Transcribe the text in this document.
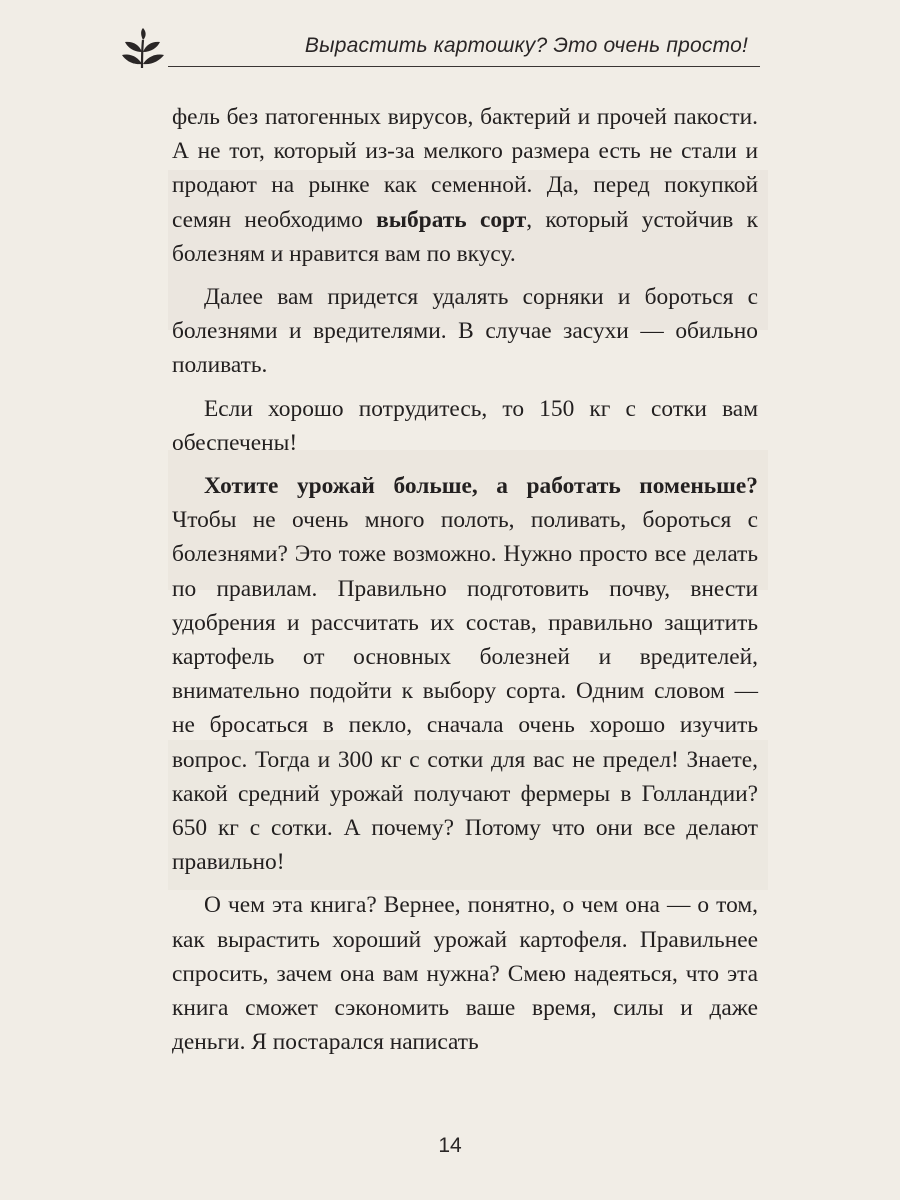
Вырастить картошку? Это очень просто!

фель без патогенных вирусов, бактерий и прочей пакости. А не тот, который из-за мелкого размера есть не стали и продают на рынке как семенной. Да, перед покупкой семян необходимо выбрать сорт, который устойчив к болезням и нравится вам по вкусу.

Далее вам придется удалять сорняки и бороться с болезнями и вредителями. В случае засухи — обильно поливать.

Если хорошо потрудитесь, то 150 кг с сотки вам обеспечены!

Хотите урожай больше, а работать поменьше? Чтобы не очень много полоть, поливать, бороться с болезнями? Это тоже возможно. Нужно просто все делать по правилам. Правильно подготовить почву, внести удобрения и рассчитать их состав, правильно защитить картофель от основных болезней и вредителей, внимательно подойти к выбору сорта. Одним словом — не бросаться в пекло, сначала очень хорошо изучить вопрос. Тогда и 300 кг с сотки для вас не предел! Знаете, какой средний урожай получают фермеры в Голландии? 650 кг с сотки. А почему? Потому что они все делают правильно!

О чем эта книга? Вернее, понятно, о чем она — о том, как вырастить хороший урожай картофеля. Правильнее спросить, зачем она вам нужна? Смею надеяться, что эта книга сможет сэкономить ваше время, силы и даже деньги. Я постарался написать

14
